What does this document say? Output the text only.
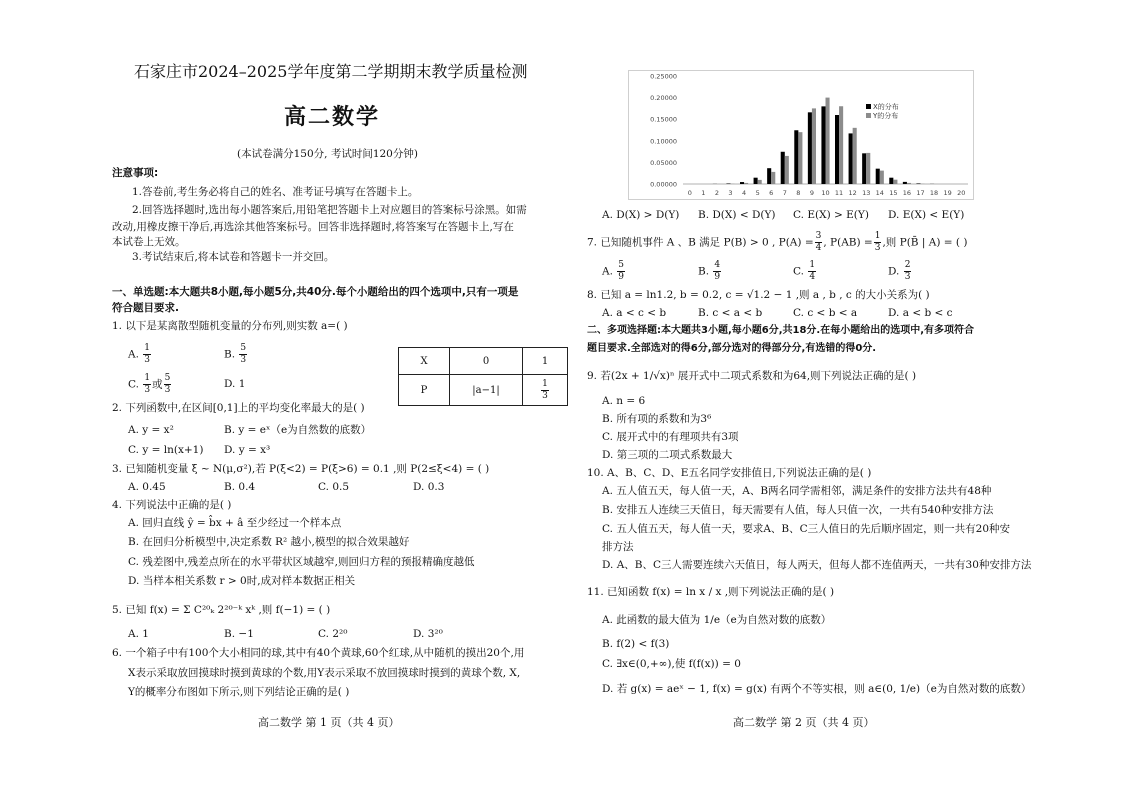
石家庄市2024–2025学年度第二学期期末教学质量检测
高二数学
(本试卷满分150分, 考试时间120分钟)
注意事项:
1.答卷前,考生务必将自己的姓名、准考证号填写在答题卡上。
2.回答选择题时,选出每小题答案后,用铅笔把答题卡上对应题目的答案标号涂黑。如需
改动,用橡皮擦干净后,再选涂其他答案标号。回答非选择题时,将答案写在答题卡上,写在
本试卷上无效。
3.考试结束后,将本试卷和答题卡一并交回。
一、单选题:本大题共8小题,每小题5分,共40分.每个小题给出的四个选项中,只有一项是
符合题目要求.
1. 以下是某离散型随机变量的分布列,则实数 a=( )
A. $\frac{1}{3}$	B. $\frac{5}{3}$
C. $\frac{1}{3}$ 或 $\frac{5}{3}$	D. 1
X	0	1
P	|a−1|	$\frac{1}{3}$
2. 下列函数中,在区间[0,1]上的平均变化率最大的是( )
A. y = x²	B. y = eˣ（e为自然数的底数）
C. y = ln(x+1) D. y = x³
3. 已知随机变量 ξ ~ N(μ,σ²),若 P(ξ<2) = P(ξ>6) = 0.1 ,则 P(2≤ξ<4) = ( )
A. 0.45	B. 0.4	C. 0.5	D. 0.3
4. 下列说法中正确的是( )
A. 回归直线 ŷ = b̂x + â 至少经过一个样本点
B. 在回归分析模型中,决定系数 R² 越小,模型的拟合效果越好
C. 残差图中,残差点所在的水平带状区域越窄,则回归方程的预报精确度越低
D. 当样本相关系数 r > 0时,成对样本数据正相关
5. 已知 f(x) = Σ C²⁰ₖ 2²⁰⁻ᵏ xᵏ ,则 f(−1) = ( )
A. 1	B. −1	C. 2²⁰	D. 3²⁰
6. 一个箱子中有100个大小相同的球,其中有40个黄球,60个红球,从中随机的摸出20个,用
X表示采取放回摸球时摸到黄球的个数,用Y表示采取不放回摸球时摸到的黄球个数, X,
Y的概率分布图如下所示,则下列结论正确的是( )
高二数学 第 1 页（共 4 页）
0.00000
0.05000
0.10000
0.15000
0.20000
0.25000
0 1 2 3 4 5 6 7 8 9 10 11 12 13 14 15 16 17 18 19 20
X的分布
Y的分布
A. D(X) > D(Y) B. D(X) < D(Y) C. E(X) > E(Y) D. E(X) < E(Y)
7. 已知随机事件 A 、B 满足 P(B) > 0 , $P(A) = \frac{3}{4}$ , $P(AB) = \frac{1}{3}$ ,则 P(B̄ | A) = ( )
A. $\frac{5}{9}$	B. $\frac{4}{9}$	C. $\frac{1}{4}$	D. $\frac{2}{3}$
8. 已知 a = ln1.2, b = 0.2, c = √1.2 − 1 ,则 a , b , c 的大小关系为( )
A. a < c < b	B. c < a < b	C. c < b < a	D. a < b < c
二、多项选择题:本大题共3小题,每小题6分,共18分.在每小题给出的选项中,有多项符合
题目要求.全部选对的得6分,部分选对的得部分分,有选错的得0分.
9. 若(2x + 1/√x)ⁿ 展开式中二项式系数和为64,则下列说法正确的是( )
A. n = 6
B. 所有项的系数和为3⁶
C. 展开式中的有理项共有3项
D. 第三项的二项式系数最大
10. A、B、C、D、E五名同学安排值日,下列说法正确的是( )
A. 五人值五天，每人值一天，A、B两名同学需相邻，满足条件的安排方法共有48种
B. 安排五人连续三天值日，每天需要有人值，每人只值一次，一共有540种安排方法
C. 五人值五天，每人值一天，要求A、B、C三人值日的先后顺序固定，则一共有20种安
排方法
D. A、B、C三人需要连续六天值日，每人两天，但每人都不连值两天，一共有30种安排方法
11. 已知函数 f(x) = ln x / x ,则下列说法正确的是( )
A. 此函数的最大值为 1/e（e为自然对数的底数）
B. f(2) < f(3)
C. ∃x∈(0,+∞),使 f(f(x)) = 0
D. 若 g(x) = aeˣ − 1, f(x) = g(x) 有两个不等实根，则 a∈(0, 1/e)（e为自然对数的底数）
高二数学 第 2 页（共 4 页）
